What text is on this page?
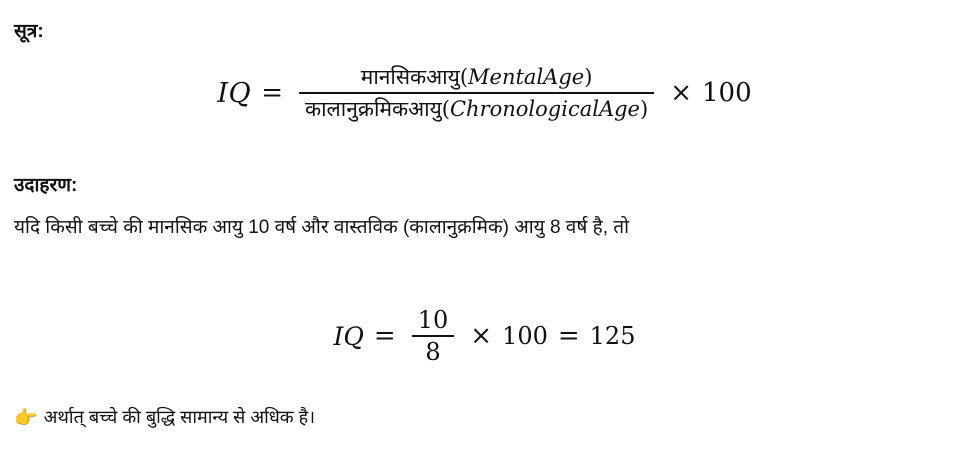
सूत्र:
IQ = $\frac{\text{मानसिकआयु(MentalAge)}}{\text{कालानुक्रमिकआयु(ChronologicalAge)}} \times 100$
उदाहरण:
यदि किसी बच्चे की मानसिक आयु 10 वर्ष और वास्तविक (कालानुक्रमिक) आयु 8 वर्ष है, तो
IQ = $\frac{10}{8} \times 100 = 125$
👉 अर्थात् बच्चे की बुद्धि सामान्य से अधिक है।
